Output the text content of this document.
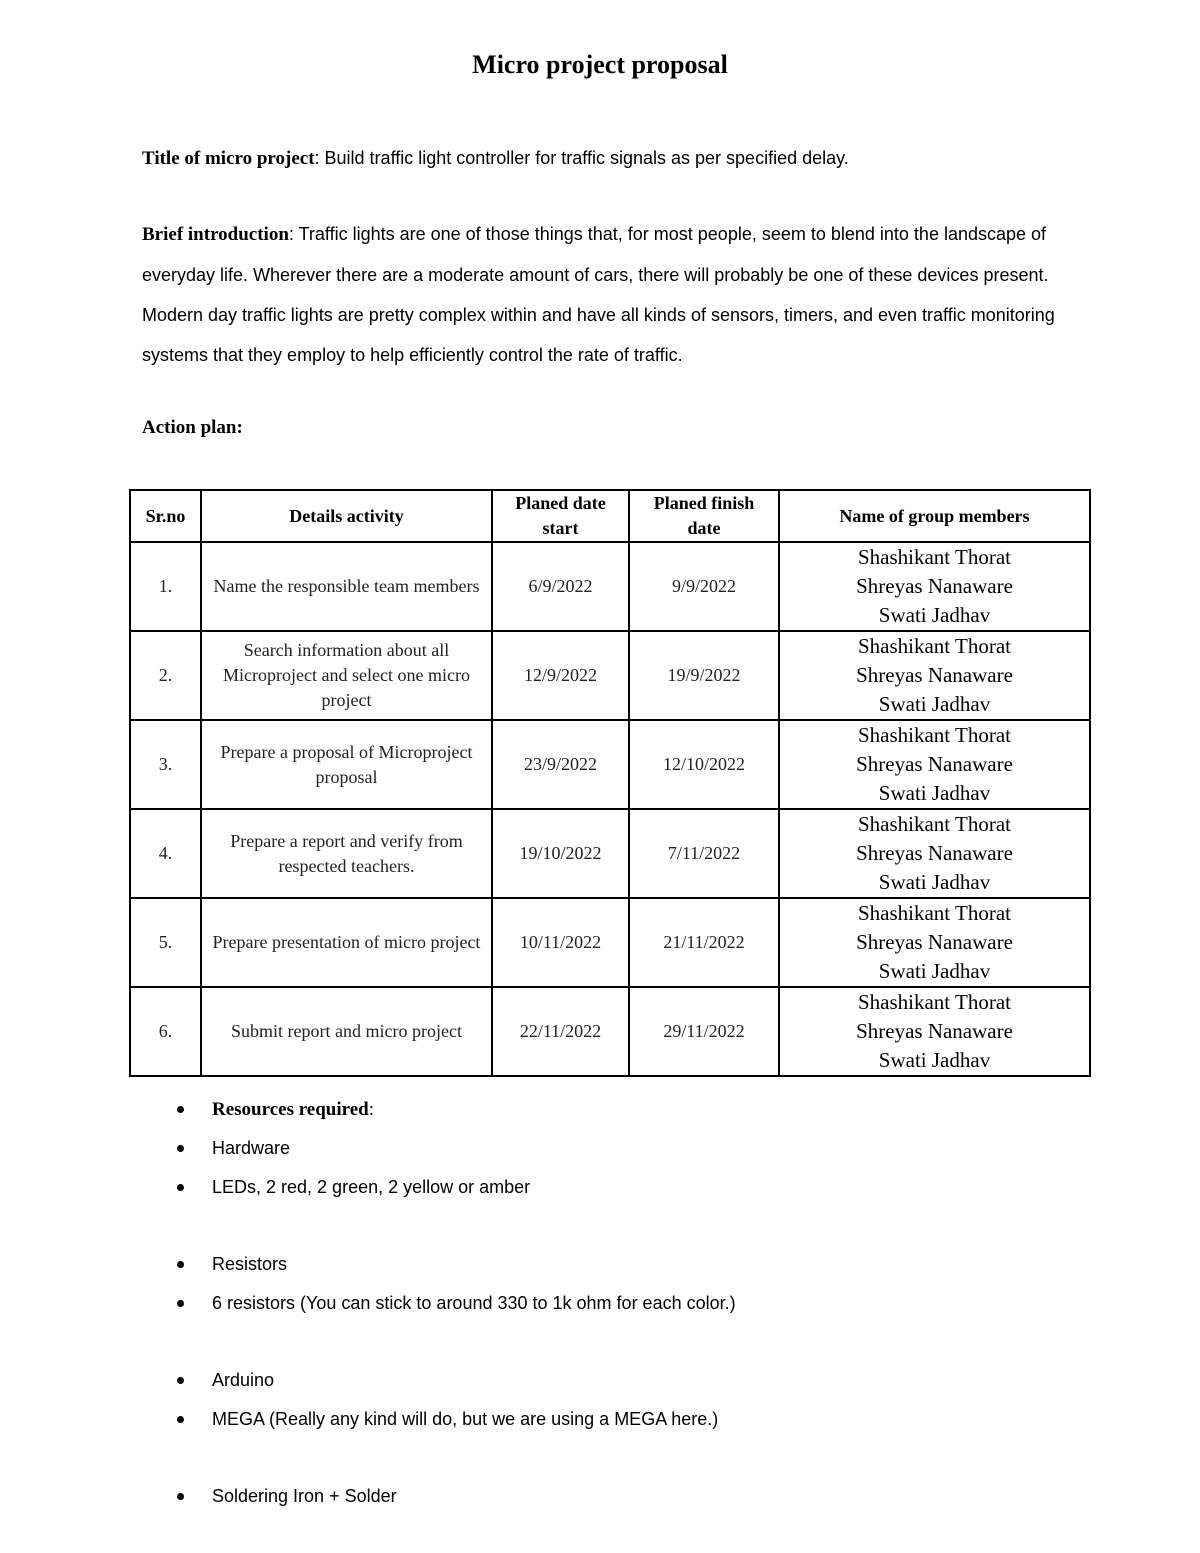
Micro project proposal
Title of micro project: Build traffic light controller for traffic signals as per specified delay.
Brief introduction: Traffic lights are one of those things that, for most people, seem to blend into the landscape of everyday life. Wherever there are a moderate amount of cars, there will probably be one of these devices present. Modern day traffic lights are pretty complex within and have all kinds of sensors, timers, and even traffic monitoring systems that they employ to help efficiently control the rate of traffic.
Action plan:
Sr.no	Details activity	Planed date start	Planed finish date	Name of group members
1.	Name the responsible team members	6/9/2022	9/9/2022	Shashikant Thorat
Shreyas Nanaware
Swati Jadhav

2.	Search information about all Microproject and select one micro project	12/9/2022	19/9/2022	Shashikant Thorat
Shreyas Nanaware
Swati Jadhav

3.	Prepare a proposal of Microproject proposal	23/9/2022	12/10/2022	Shashikant Thorat
Shreyas Nanaware
Swati Jadhav

4.	Prepare a report and verify from respected teachers.	19/10/2022	7/11/2022	Shashikant Thorat
Shreyas Nanaware
Swati Jadhav

5.	Prepare presentation of micro project	10/11/2022	21/11/2022	Shashikant Thorat
Shreyas Nanaware
Swati Jadhav

6.	Submit report and micro project	22/11/2022	29/11/2022	Shashikant Thorat
Shreyas Nanaware
Swati Jadhav
Resources required:
Hardware
LEDs, 2 red, 2 green, 2 yellow or amber
Resistors
6 resistors (You can stick to around 330 to 1k ohm for each color.)
Arduino
MEGA (Really any kind will do, but we are using a MEGA here.)
Soldering Iron + Solder
